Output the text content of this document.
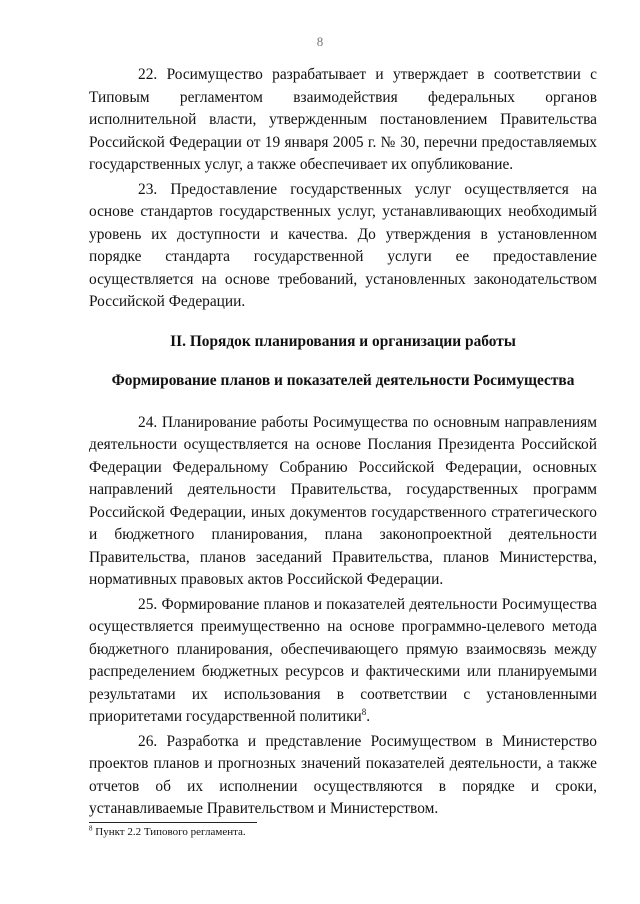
8

22. Росимущество разрабатывает и утверждает в соответствии с Типовым регламентом взаимодействия федеральных органов исполнительной власти, утвержденным постановлением Правительства Российской Федерации от 19 января 2005 г. № 30, перечни предоставляемых государственных услуг, а также обеспечивает их опубликование.

23. Предоставление государственных услуг осуществляется на основе стандартов государственных услуг, устанавливающих необходимый уровень их доступности и качества. До утверждения в установленном порядке стандарта государственной услуги ее предоставление осуществляется на основе требований, установленных законодательством Российской Федерации.

II. Порядок планирования и организации работы

Формирование планов и показателей деятельности Росимущества

24. Планирование работы Росимущества по основным направлениям деятельности осуществляется на основе Послания Президента Российской Федерации Федеральному Собранию Российской Федерации, основных направлений деятельности Правительства, государственных программ Российской Федерации, иных документов государственного стратегического и бюджетного планирования, плана законопроектной деятельности Правительства, планов заседаний Правительства, планов Министерства, нормативных правовых актов Российской Федерации.

25. Формирование планов и показателей деятельности Росимущества осуществляется преимущественно на основе программно-целевого метода бюджетного планирования, обеспечивающего прямую взаимосвязь между распределением бюджетных ресурсов и фактическими или планируемыми результатами их использования в соответствии с установленными приоритетами государственной политики$^8$.

26. Разработка и представление Росимуществом в Министерство проектов планов и прогнозных значений показателей деятельности, а также отчетов об их исполнении осуществляются в порядке и сроки, устанавливаемые Правительством и Министерством.

$^8$ Пункт 2.2 Типового регламента.
